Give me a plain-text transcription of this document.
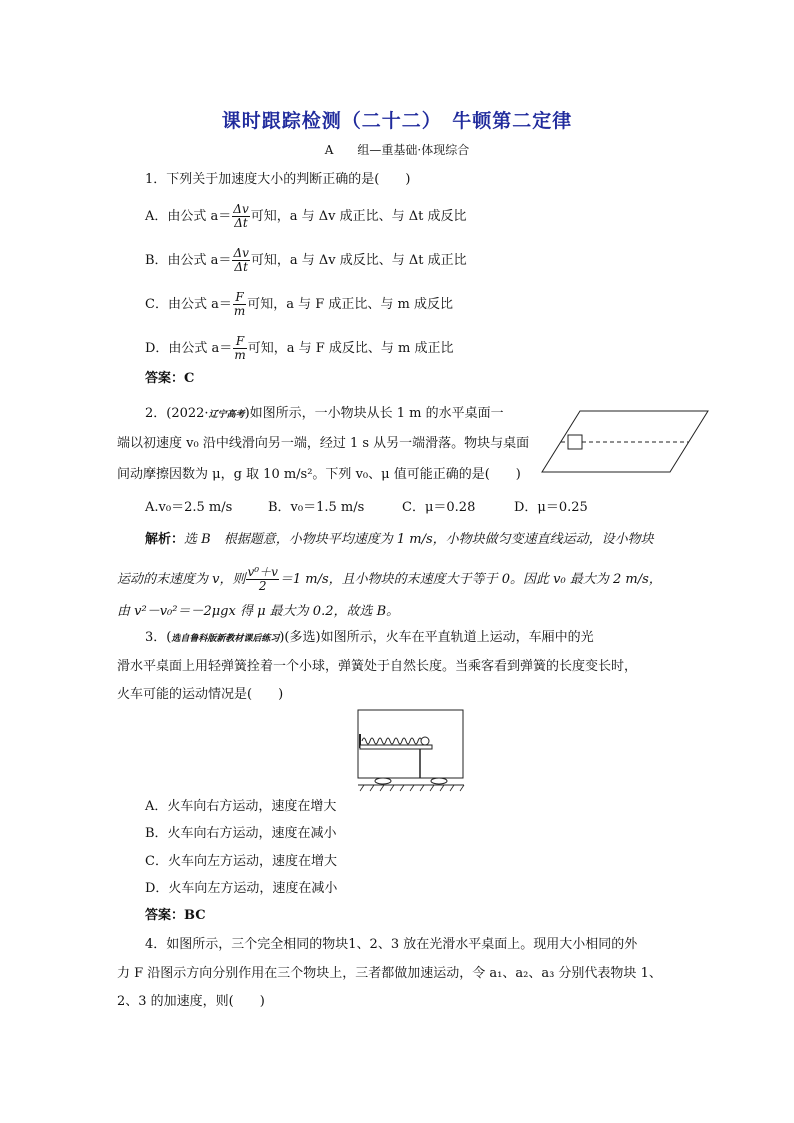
课时跟踪检测（二十二）　牛顿第二定律
A　　组—重基础·体现综合
1．下列关于加速度大小的判断正确的是(　　)
A．由公式 $a= \frac{\Delta v}{\Delta t}$ 可知，a 与 Δv 成正比、与 Δt 成反比
B．由公式 $a= \frac{\Delta v}{\Delta t}$ 可知，a 与 Δv 成反比、与 Δt 成正比
C．由公式 $a= \frac{F}{m}$ 可知，a 与 F 成正比、与 m 成反比
D．由公式 $a= \frac{F}{m}$ 可知，a 与 F 成反比、与 m 成正比
答案：C
2．(2022·辽宁高考)如图所示，一小物块从长 1 m 的水平桌面一
端以初速度 v₀ 沿中线滑向另一端，经过 1 s 从另一端滑落。物块与桌面
间动摩擦因数为 μ，g 取 10 m/s²。下列 v₀、μ 值可能正确的是(　　)
A.v₀＝2.5 m/s	B．v₀＝1.5 m/s	C．μ＝0.28	D．μ＝0.25
解析：选 B　根据题意，小物块平均速度为 1 m/s，小物块做匀变速直线运动，设小物块
运动的末速度为 v，则 $\frac{\text{v⁰＋v}}{2} =1$ m/s，且小物块的末速度大于等于 0。因此 v₀ 最大为 2 m/s，
由 v²－v₀²＝－2μgx 得 μ 最大为 0.2，故选 B。
3．(选自鲁科版新教材课后练习)(多选)如图所示，火车在平直轨道上运动，车厢中的光
滑水平桌面上用轻弹簧拴着一个小球，弹簧处于自然长度。当乘客看到弹簧的长度变长时，
火车可能的运动情况是(　　)
A．火车向右方运动，速度在增大
B．火车向右方运动，速度在减小
C．火车向左方运动，速度在增大
D．火车向左方运动，速度在减小
答案：BC
4．如图所示，三个完全相同的物块1、2、3 放在光滑水平桌面上。现用大小相同的外
力 F 沿图示方向分别作用在三个物块上，三者都做加速运动，令 a₁、a₂、a₃ 分别代表物块 1、
2、3 的加速度，则(　　)
